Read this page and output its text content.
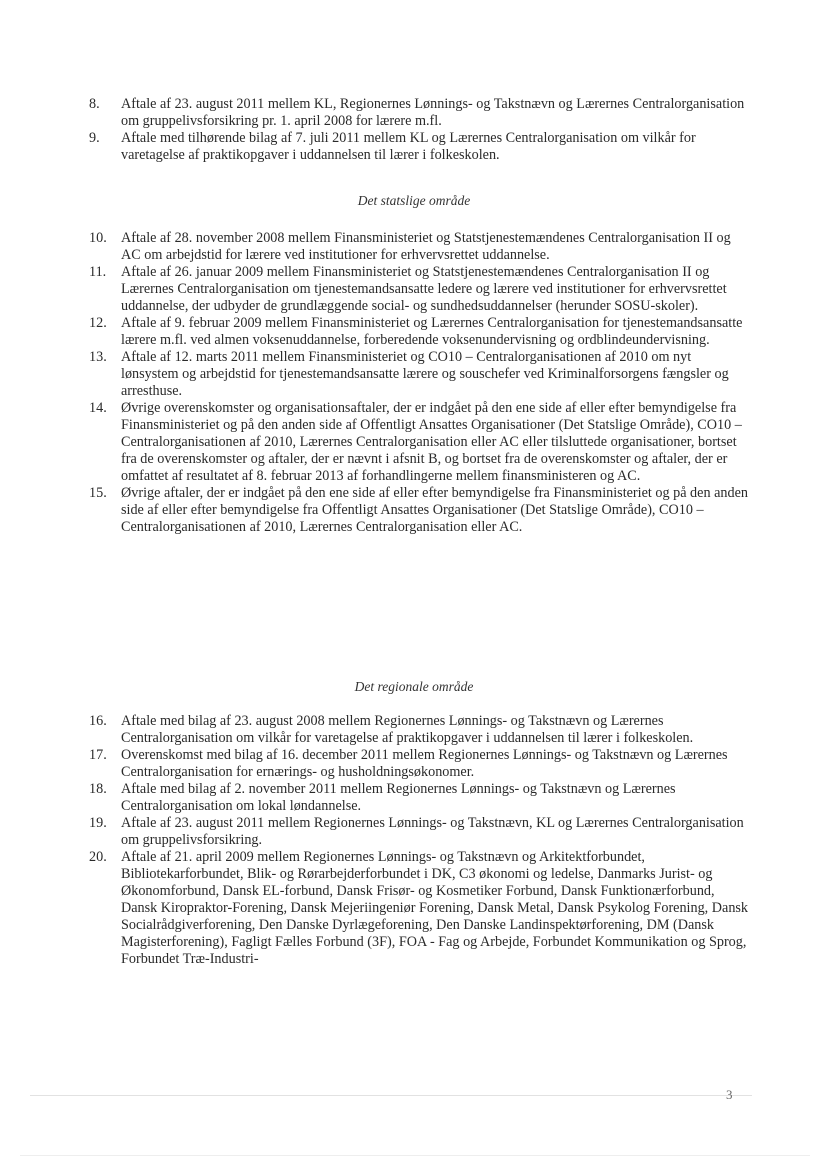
8. Aftale af 23. august 2011 mellem KL, Regionernes Lønnings- og Takstnævn og Lærernes Centralorganisation om gruppelivsforsikring pr. 1. april 2008 for lærere m.fl.
9. Aftale med tilhørende bilag af 7. juli 2011 mellem KL og Lærernes Centralorganisation om vilkår for varetagelse af praktikopgaver i uddannelsen til lærer i folkeskolen.
Det statslige område
10. Aftale af 28. november 2008 mellem Finansministeriet og Statstjenestemændenes Centralorganisation II og AC om arbejdstid for lærere ved institutioner for erhvervsrettet uddannelse.
11. Aftale af 26. januar 2009 mellem Finansministeriet og Statstjenestemændenes Centralorganisation II og Lærernes Centralorganisation om tjenestemandsansatte ledere og lærere ved institutioner for erhvervsrettet uddannelse, der udbyder de grundlæggende social- og sundhedsuddannelser (herunder SOSU-skoler).
12. Aftale af 9. februar 2009 mellem Finansministeriet og Lærernes Centralorganisation for tjenestemandsansatte lærere m.fl. ved almen voksenuddannelse, forberedende voksenundervisning og ordblindeundervisning.
13. Aftale af 12. marts 2011 mellem Finansministeriet og CO10 – Centralorganisationen af 2010 om nyt lønsystem og arbejdstid for tjenestemandsansatte lærere og souschefer ved Kriminalforsorgens fængsler og arresthuse.
14. Øvrige overenskomster og organisationsaftaler, der er indgået på den ene side af eller efter bemyndigelse fra Finansministeriet og på den anden side af Offentligt Ansattes Organisationer (Det Statslige Område), CO10 – Centralorganisationen af 2010, Lærernes Centralorganisation eller AC eller tilsluttede organisationer, bortset fra de overenskomster og aftaler, der er nævnt i afsnit B, og bortset fra de overenskomster og aftaler, der er omfattet af resultatet af 8. februar 2013 af forhandlingerne mellem finansministeren og AC.
15. Øvrige aftaler, der er indgået på den ene side af eller efter bemyndigelse fra Finansministeriet og på den anden side af eller efter bemyndigelse fra Offentligt Ansattes Organisationer (Det Statslige Område), CO10 – Centralorganisationen af 2010, Lærernes Centralorganisation eller AC.
Det regionale område
16. Aftale med bilag af 23. august 2008 mellem Regionernes Lønnings- og Takstnævn og Lærernes Centralorganisation om vilkår for varetagelse af praktikopgaver i uddannelsen til lærer i folkeskolen.
17. Overenskomst med bilag af 16. december 2011 mellem Regionernes Lønnings- og Takstnævn og Lærernes Centralorganisation for ernærings- og husholdningsøkonomer.
18. Aftale med bilag af 2. november 2011 mellem Regionernes Lønnings- og Takstnævn og Lærernes Centralorganisation om lokal løndannelse.
19. Aftale af 23. august 2011 mellem Regionernes Lønnings- og Takstnævn, KL og Lærernes Centralorganisation om gruppelivsforsikring.
20. Aftale af 21. april 2009 mellem Regionernes Lønnings- og Takstnævn og Arkitektforbundet, Bibliotekarforbundet, Blik- og Rørarbejderforbundet i DK, C3 økonomi og ledelse, Danmarks Jurist- og Økonomforbund, Dansk EL-forbund, Dansk Frisør- og Kosmetiker Forbund, Dansk Funktionærforbund, Dansk Kiropraktor-Forening, Dansk Mejeriingeniør Forening, Dansk Metal, Dansk Psykolog Forening, Dansk Socialrådgiverforening, Den Danske Dyrlægeforening, Den Danske Landinspektørforening, DM (Dansk Magisterforening), Fagligt Fælles Forbund (3F), FOA - Fag og Arbejde, Forbundet Kommunikation og Sprog, Forbundet Træ-Industri-
3
